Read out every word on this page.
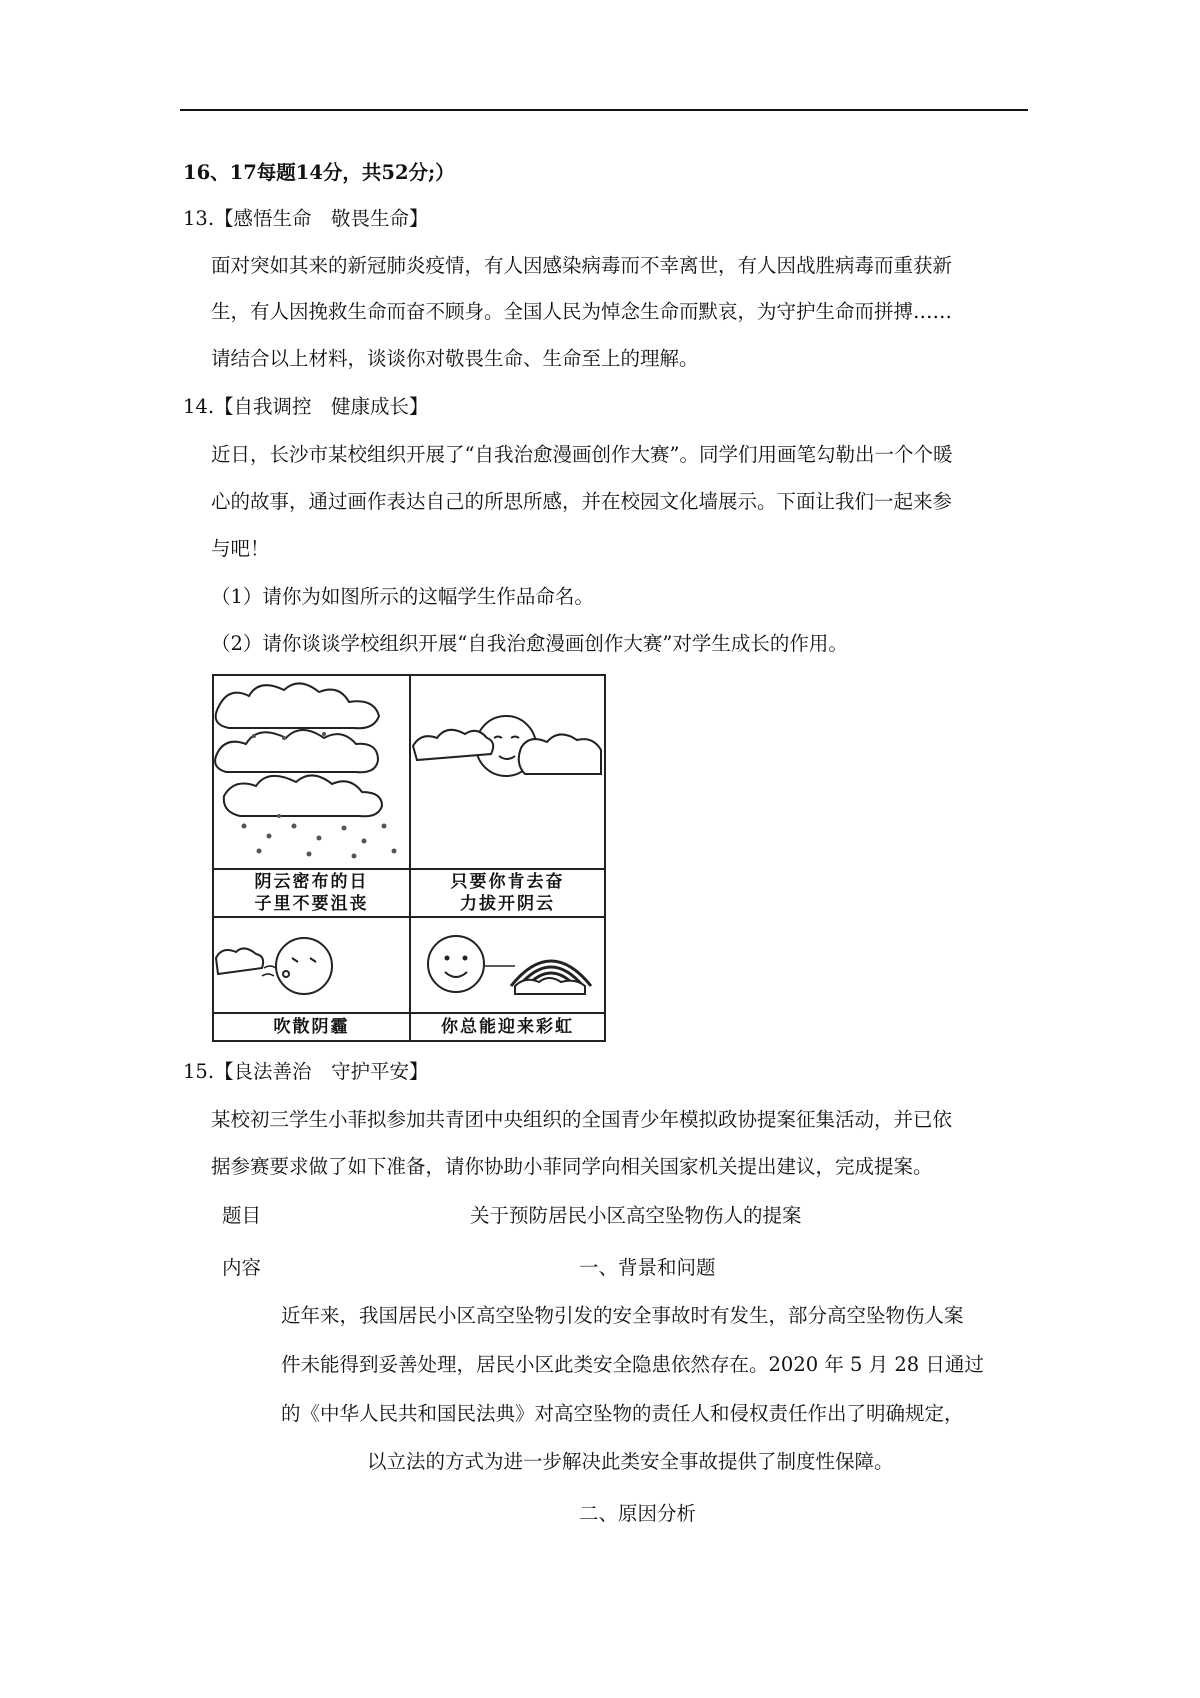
16、17每题14分，共52分;）
13.【感悟生命　敬畏生命】
面对突如其来的新冠肺炎疫情，有人因感染病毒而不幸离世，有人因战胜病毒而重获新
生，有人因挽救生命而奋不顾身。全国人民为悼念生命而默哀，为守护生命而拼搏……
请结合以上材料，谈谈你对敬畏生命、生命至上的理解。
14.【自我调控　健康成长】
近日，长沙市某校组织开展了“自我治愈漫画创作大赛”。同学们用画笔勾勒出一个个暖
心的故事，通过画作表达自己的所思所感，并在校园文化墙展示。下面让我们一起来参
与吧！
（1）请你为如图所示的这幅学生作品命名。
（2）请你谈谈学校组织开展“自我治愈漫画创作大赛”对学生成长的作用。
阴云密布的日
子里不要沮丧
只要你肯去奋
力拔开阴云
吹散阴霾	你总能迎来彩虹
15.【良法善治　守护平安】
某校初三学生小菲拟参加共青团中央组织的全国青少年模拟政协提案征集活动，并已依
据参赛要求做了如下准备，请你协助小菲同学向相关国家机关提出建议，完成提案。
题目	关于预防居民小区高空坠物伤人的提案
内容	一、背景和问题
近年来，我国居民小区高空坠物引发的安全事故时有发生，部分高空坠物伤人案
件未能得到妥善处理，居民小区此类安全隐患依然存在。2020 年 5 月 28 日通过
的《中华人民共和国民法典》对高空坠物的责任人和侵权责任作出了明确规定，
以立法的方式为进一步解决此类安全事故提供了制度性保障。
二、原因分析
